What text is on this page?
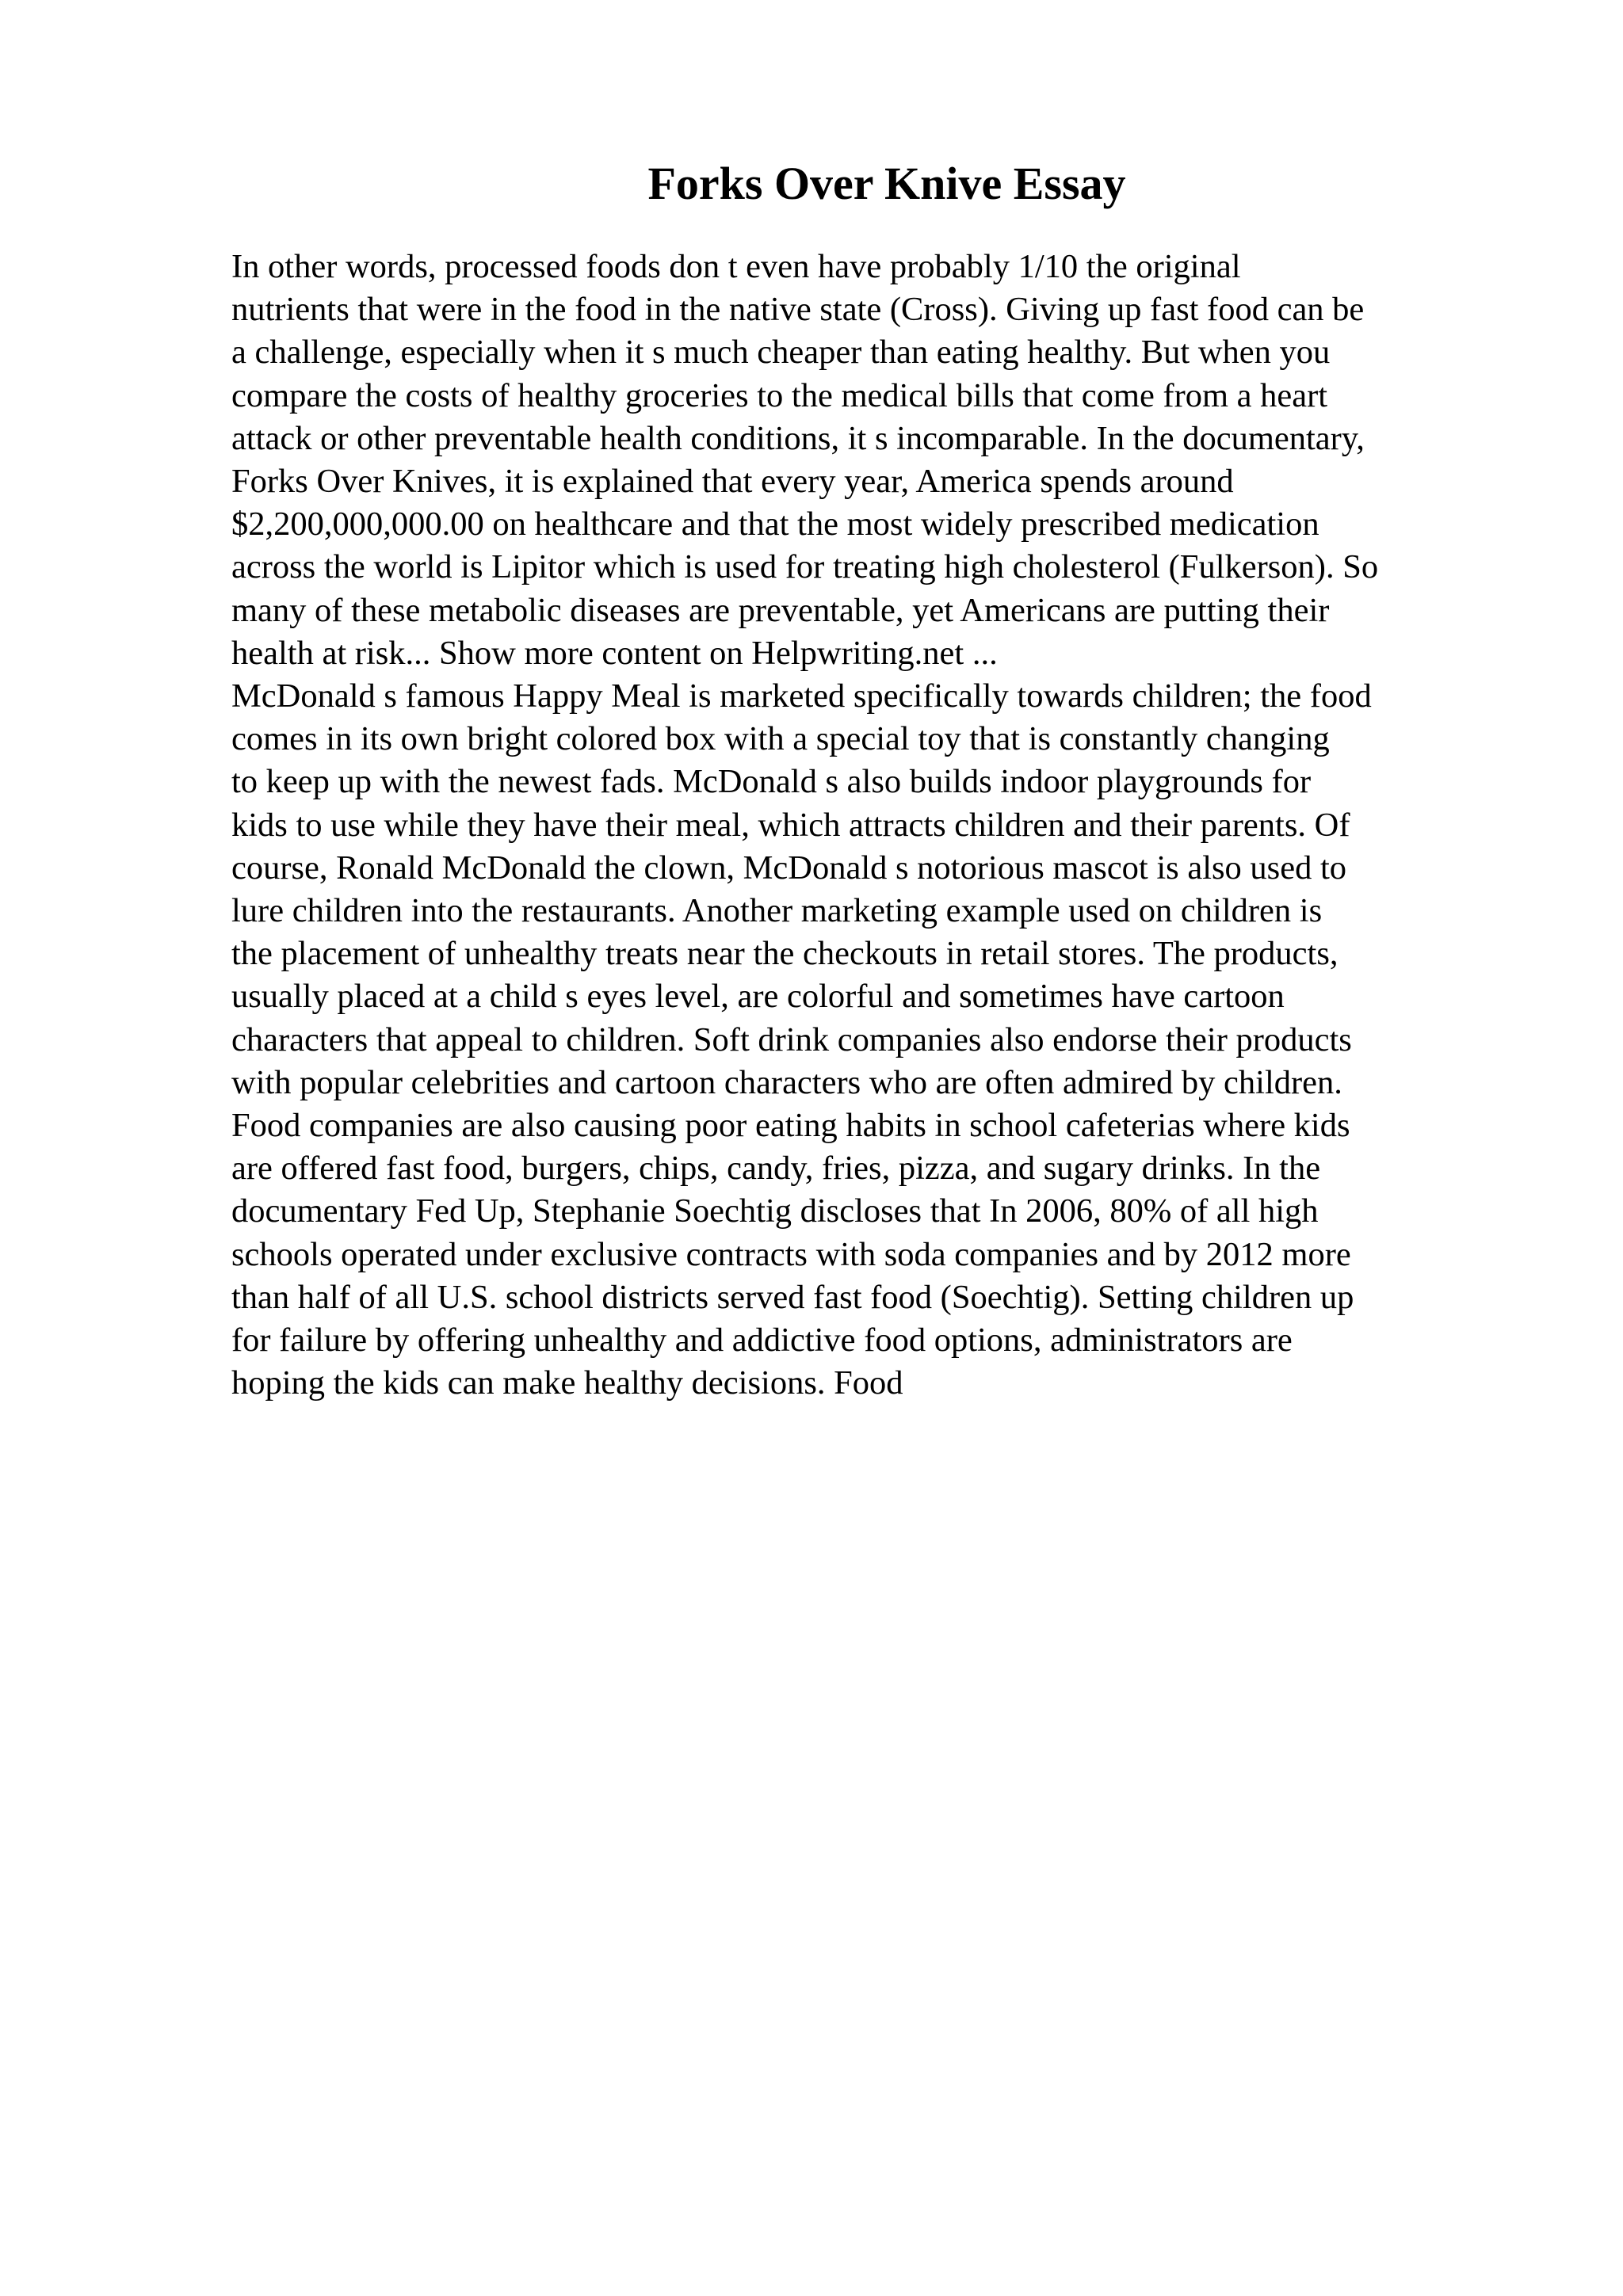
Forks Over Knive Essay
In other words, processed foods don t even have probably 1/10 the original
nutrients that were in the food in the native state (Cross). Giving up fast food can be
a challenge, especially when it s much cheaper than eating healthy. But when you
compare the costs of healthy groceries to the medical bills that come from a heart
attack or other preventable health conditions, it s incomparable. In the documentary,
Forks Over Knives, it is explained that every year, America spends around
$2,200,000,000.00 on healthcare and that the most widely prescribed medication
across the world is Lipitor which is used for treating high cholesterol (Fulkerson). So
many of these metabolic diseases are preventable, yet Americans are putting their
health at risk... Show more content on Helpwriting.net ...
McDonald s famous Happy Meal is marketed specifically towards children; the food
comes in its own bright colored box with a special toy that is constantly changing
to keep up with the newest fads. McDonald s also builds indoor playgrounds for
kids to use while they have their meal, which attracts children and their parents. Of
course, Ronald McDonald the clown, McDonald s notorious mascot is also used to
lure children into the restaurants. Another marketing example used on children is
the placement of unhealthy treats near the checkouts in retail stores. The products,
usually placed at a child s eyes level, are colorful and sometimes have cartoon
characters that appeal to children. Soft drink companies also endorse their products
with popular celebrities and cartoon characters who are often admired by children.
Food companies are also causing poor eating habits in school cafeterias where kids
are offered fast food, burgers, chips, candy, fries, pizza, and sugary drinks. In the
documentary Fed Up, Stephanie Soechtig discloses that In 2006, 80% of all high
schools operated under exclusive contracts with soda companies and by 2012 more
than half of all U.S. school districts served fast food (Soechtig). Setting children up
for failure by offering unhealthy and addictive food options, administrators are
hoping the kids can make healthy decisions. Food
